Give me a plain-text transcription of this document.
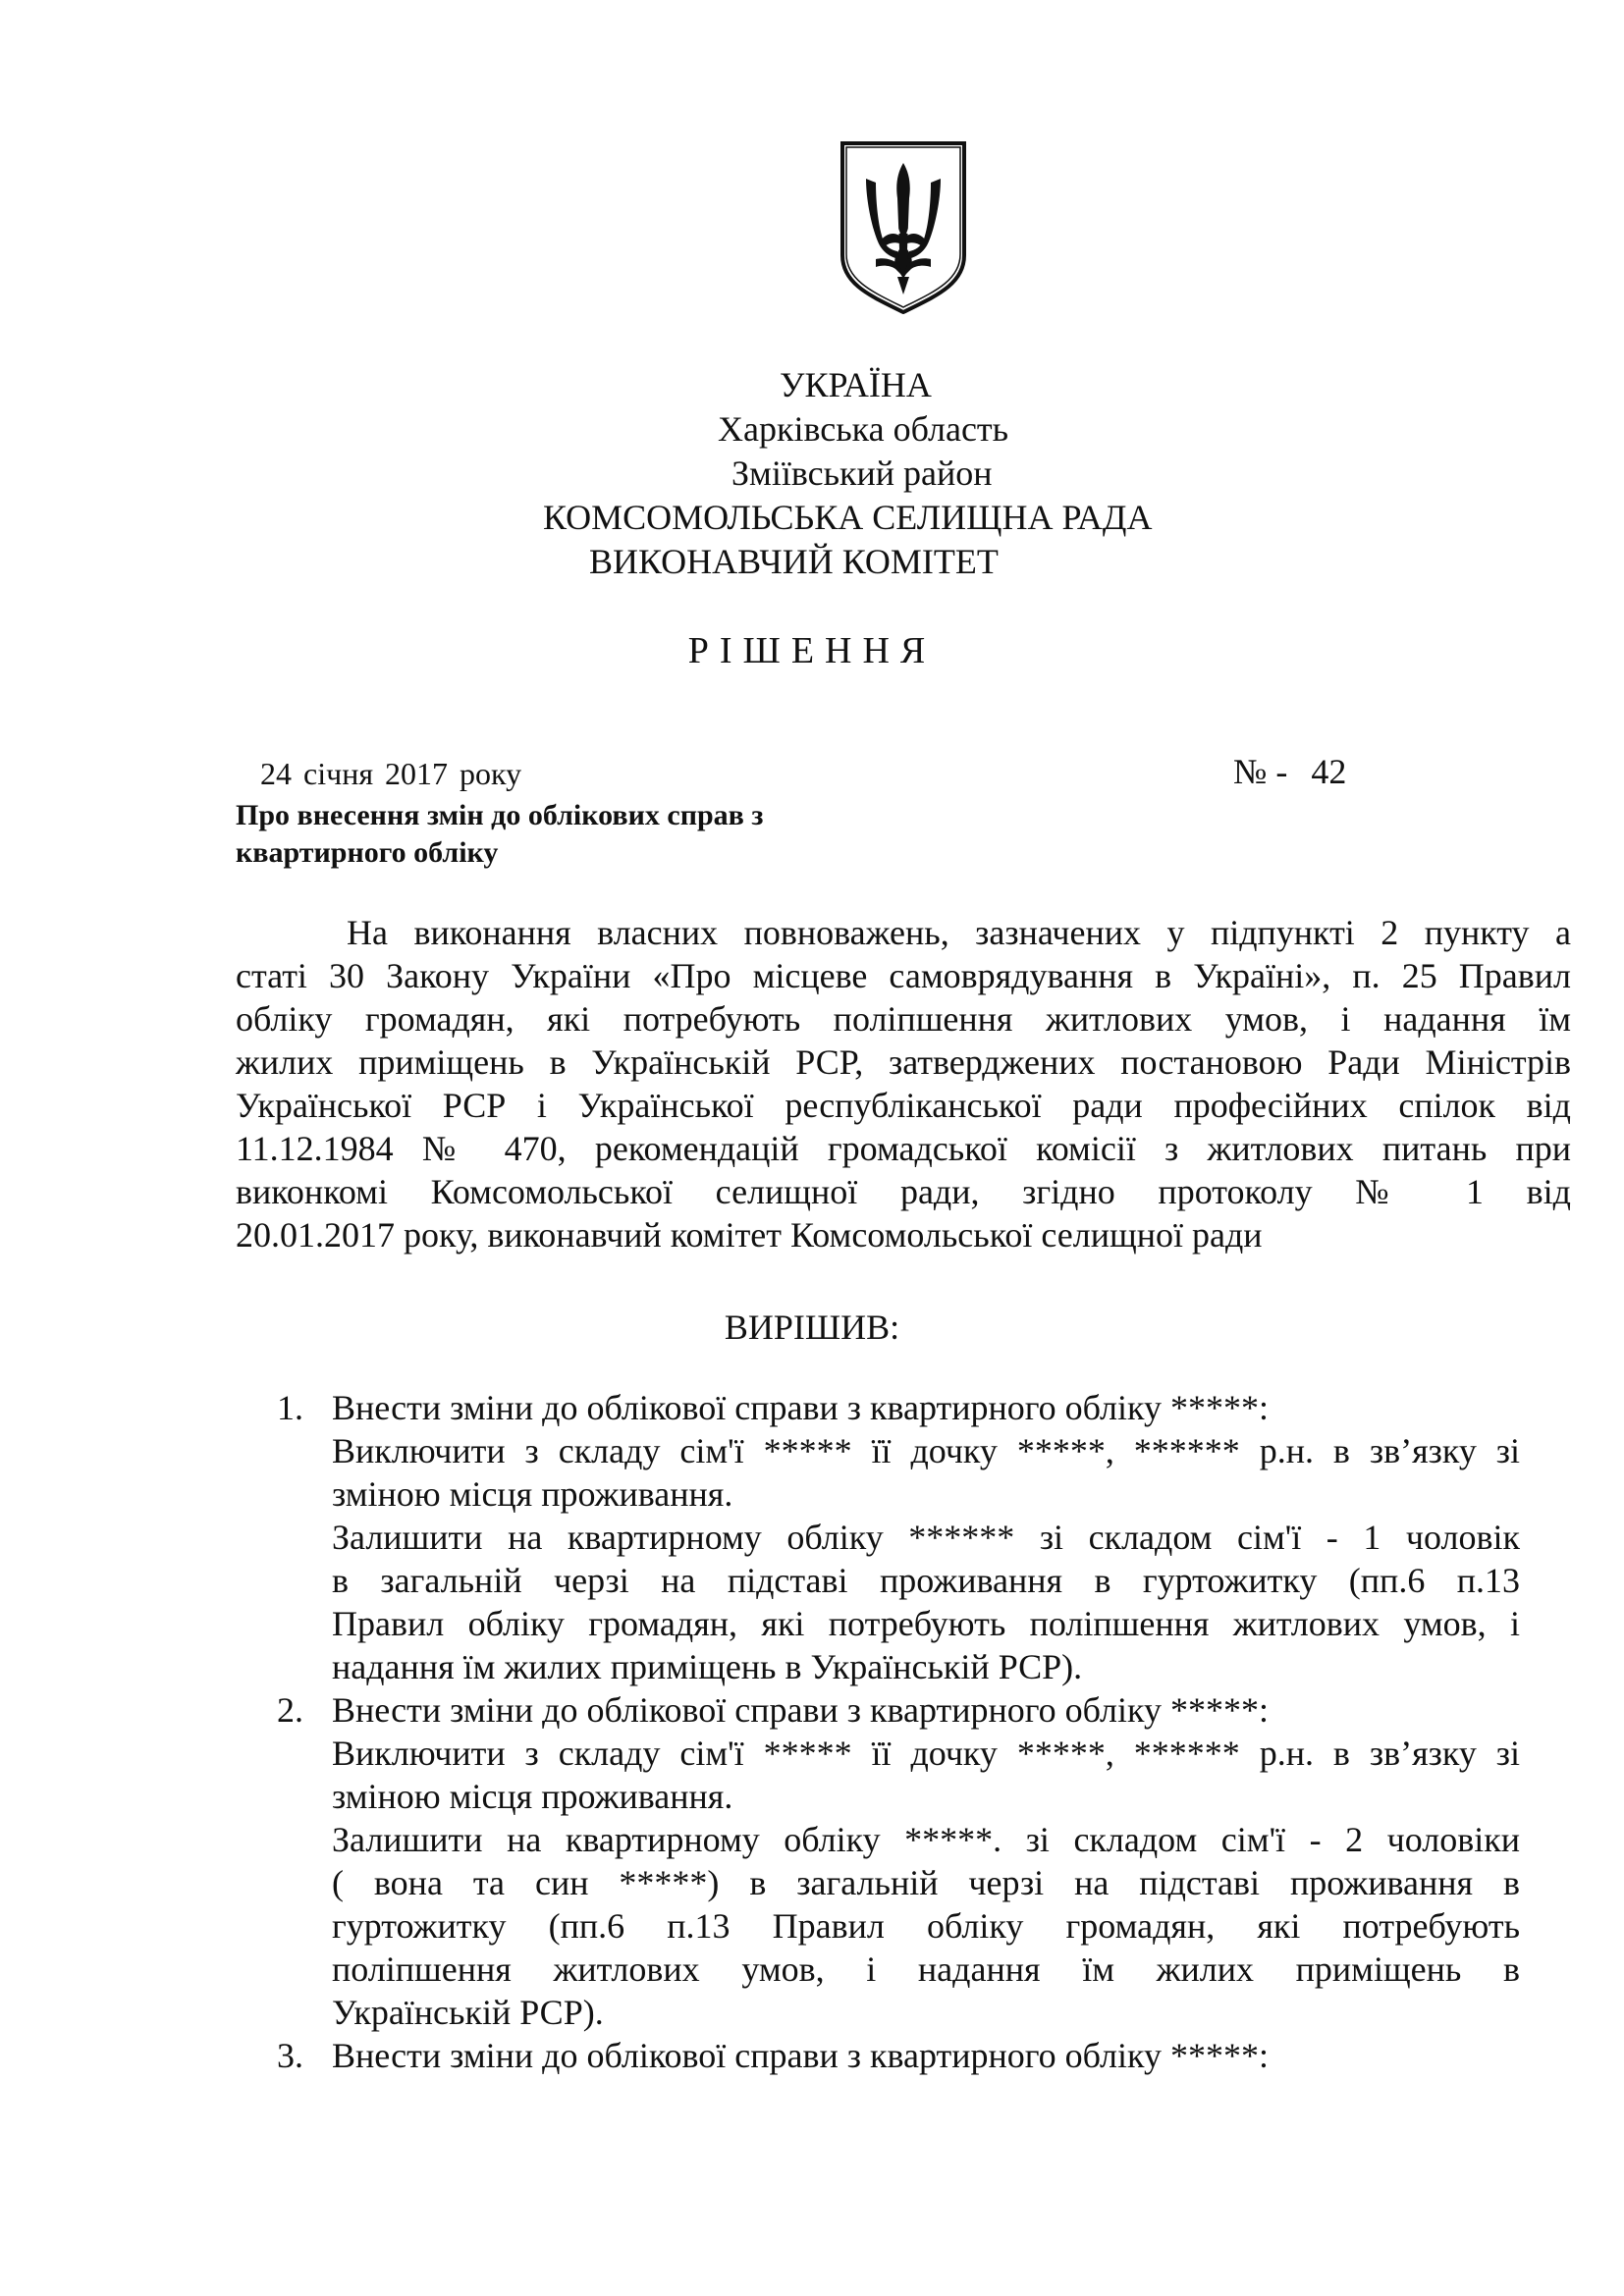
УКРАЇНА
Харківська область
Зміївський район
КОМСОМОЛЬСЬКА СЕЛИЩНА РАДА
ВИКОНАВЧИЙ КОМІТЕТ
РІШЕННЯ
24 січня 2017 року	№ - 42
Про внесення змін до облікових справ з
квартирного обліку
На виконання власних повноважень, зазначених у підпункті 2 пункту а
статі 30 Закону України «Про місцеве самоврядування в Україні», п. 25 Правил
обліку громадян, які потребують поліпшення житлових умов, і надання їм
жилих приміщень в Українській РСР, затверджених постановою Ради Міністрів
Української РСР і Української республіканської ради професійних спілок від
11.12.1984 № 470, рекомендацій громадської комісії з житлових питань при
виконкомі Комсомольської селищної ради, згідно протоколу № 1 від
20.01.2017 року, виконавчий комітет Комсомольської селищної ради
ВИРІШИВ:
1. Внести зміни до облікової справи з квартирного обліку *****:
Виключити з складу сім'ї ***** її дочку *****, ****** р.н. в зв’язку зі
зміною місця проживання.
Залишити на квартирному обліку ****** зі складом сім'ї - 1 чоловік
в загальній черзі на підставі проживання в гуртожитку (пп.6 п.13
Правил обліку громадян, які потребують поліпшення житлових умов, і
надання їм жилих приміщень в Українській РСР).
2. Внести зміни до облікової справи з квартирного обліку *****:
Виключити з складу сім'ї ***** її дочку *****, ****** р.н. в зв’язку зі
зміною місця проживання.
Залишити на квартирному обліку *****. зі складом сім'ї - 2 чоловіки
( вона та син *****) в загальній черзі на підставі проживання в
гуртожитку (пп.6 п.13 Правил обліку громадян, які потребують
поліпшення житлових умов, і надання їм жилих приміщень в
Українській РСР).
3. Внести зміни до облікової справи з квартирного обліку *****:
